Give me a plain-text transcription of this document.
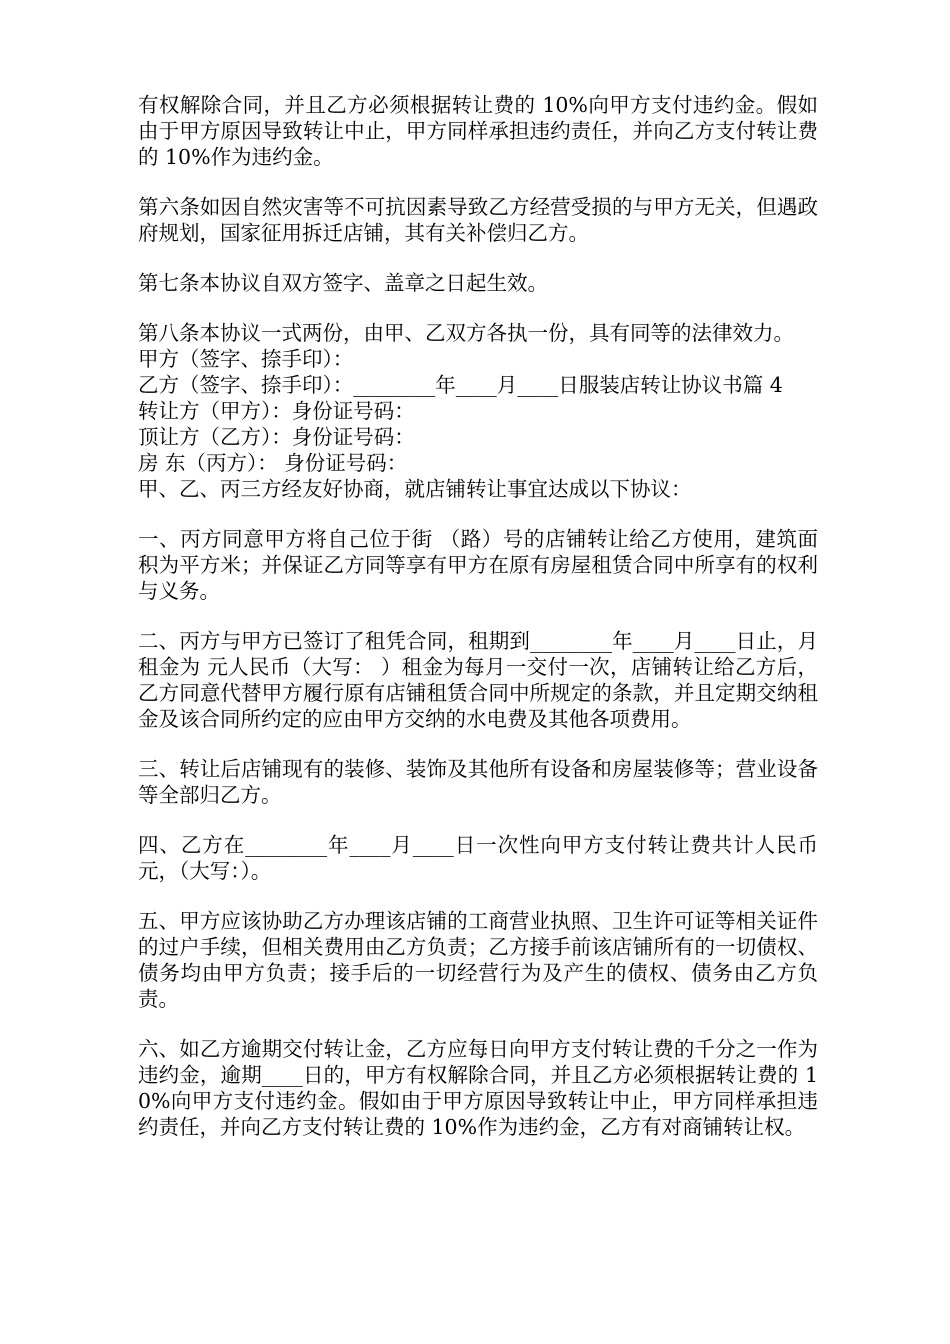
有权解除合同，并且乙方必须根据转让费的 10%向甲方支付违约金。假如由于甲方原因导致转让中止，甲方同样承担违约责任，并向乙方支付转让费的 10%作为违约金。

第六条如因自然灾害等不可抗因素导致乙方经营受损的与甲方无关，但遇政府规划，国家征用拆迁店铺，其有关补偿归乙方。

第七条本协议自双方签字、盖章之日起生效。

第八条本协议一式两份，由甲、乙双方各执一份，具有同等的法律效力。

甲方（签字、捺手印）：

乙方（签字、捺手印）：________年____月____日服装店转让协议书篇 4

转让方（甲方）：身份证号码：

顶让方（乙方）：身份证号码：

房 东（丙方）： 身份证号码：

甲、乙、丙三方经友好协商，就店铺转让事宜达成以下协议：

一、丙方同意甲方将自己位于街 （路）号的店铺转让给乙方使用，建筑面积为平方米；并保证乙方同等享有甲方在原有房屋租赁合同中所享有的权利与义务。

二、丙方与甲方已签订了租凭合同，租期到________年____月____日止，月租金为 元人民币（大写： ）租金为每月一交付一次，店铺转让给乙方后，乙方同意代替甲方履行原有店铺租赁合同中所规定的条款，并且定期交纳租金及该合同所约定的应由甲方交纳的水电费及其他各项费用。

三、转让后店铺现有的装修、装饰及其他所有设备和房屋装修等；营业设备等全部归乙方。

四、乙方在________年____月____日一次性向甲方支付转让费共计人民币元，（大写：）。

五、甲方应该协助乙方办理该店铺的工商营业执照、卫生许可证等相关证件的过户手续，但相关费用由乙方负责；乙方接手前该店铺所有的一切债权、债务均由甲方负责；接手后的一切经营行为及产生的债权、债务由乙方负责。

六、如乙方逾期交付转让金，乙方应每日向甲方支付转让费的千分之一作为违约金，逾期____日的，甲方有权解除合同，并且乙方必须根据转让费的 10%向甲方支付违约金。假如由于甲方原因导致转让中止，甲方同样承担违约责任，并向乙方支付转让费的 10%作为违约金，乙方有对商铺转让权。
